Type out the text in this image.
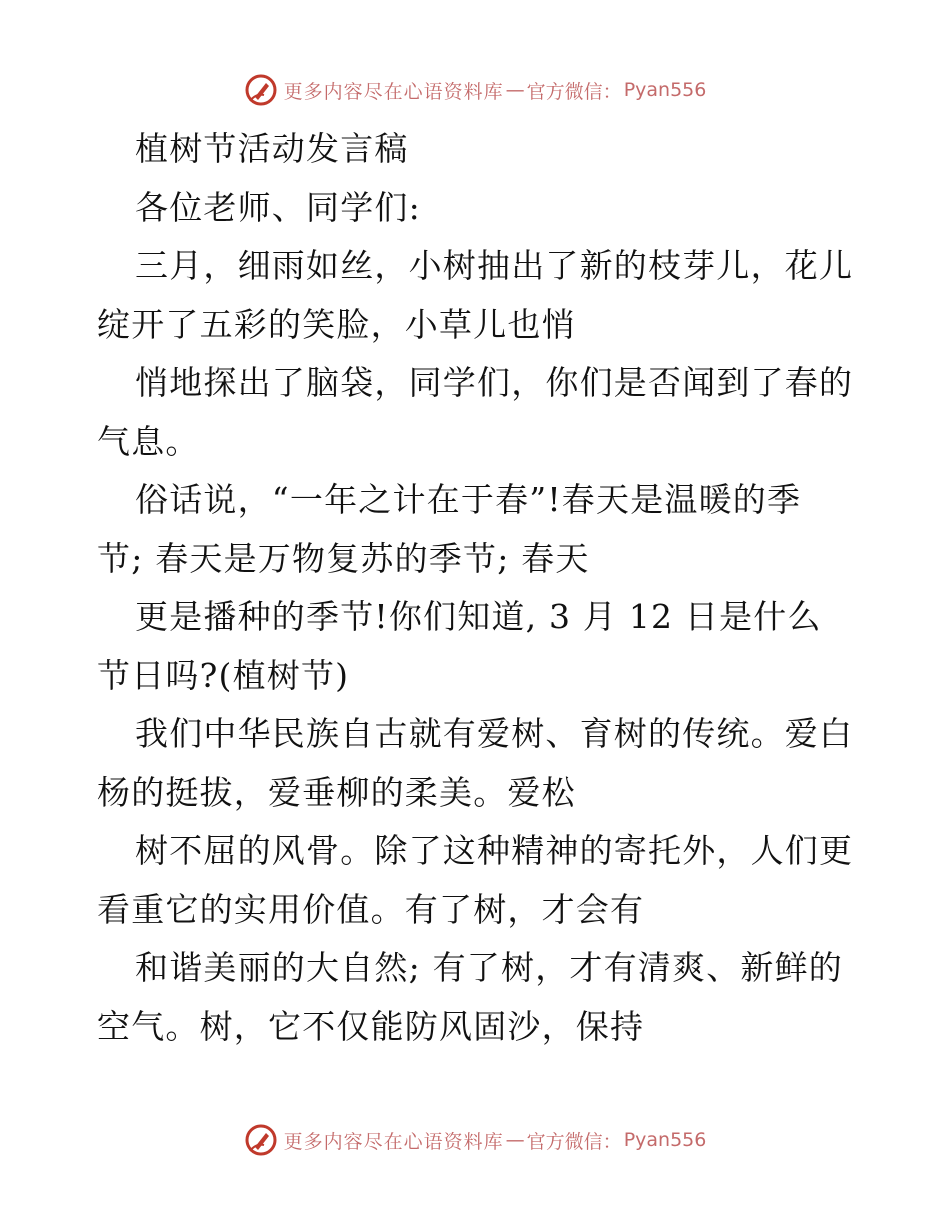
更多内容尽在心语资料库 — 官方微信： Pyan556
植树节活动发言稿
各位老师、同学们:
三月，细雨如丝，小树抽出了新的枝芽儿，花儿
绽开了五彩的笑脸，小草儿也悄
悄地探出了脑袋，同学们，你们是否闻到了春的
气息。
俗话说，“一年之计在于春”!春天是温暖的季
节; 春天是万物复苏的季节; 春天
更是播种的季节!你们知道, 3 月 12 日是什么
节日吗?(植树节)
我们中华民族自古就有爱树、育树的传统。爱白
杨的挺拔，爱垂柳的柔美。爱松
树不屈的风骨。除了这种精神的寄托外，人们更
看重它的实用价值。有了树，才会有
和谐美丽的大自然; 有了树，才有清爽、新鲜的
空气。树，它不仅能防风固沙，保持
更多内容尽在心语资料库 — 官方微信： Pyan556
